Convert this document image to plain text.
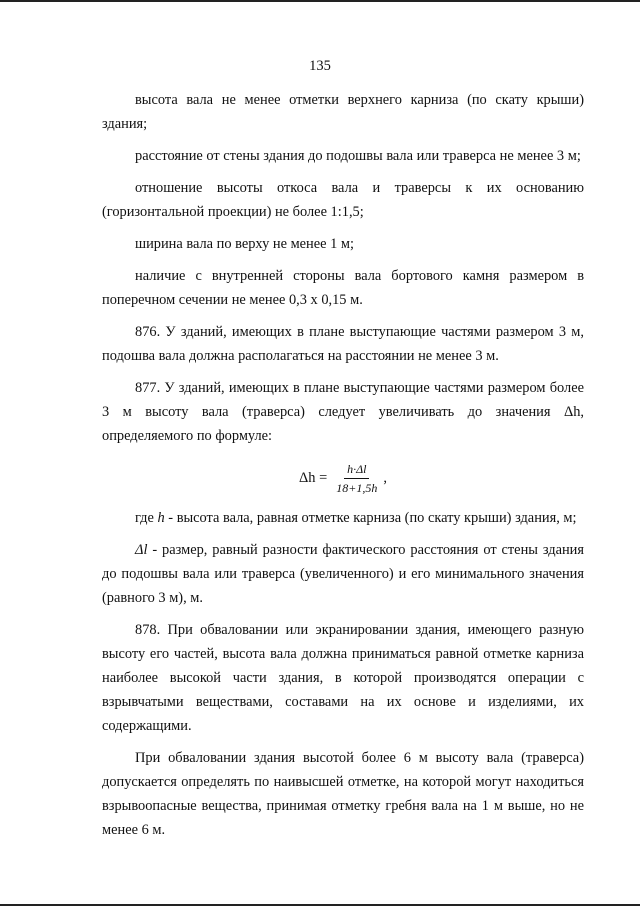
135

высота вала не менее отметки верхнего карниза (по скату крыши) здания;

расстояние от стены здания до подошвы вала или траверса не менее 3 м;

отношение высоты откоса вала и траверсы к их основанию (горизонтальной проекции) не более 1:1,5;

ширина вала по верху не менее 1 м;

наличие с внутренней стороны вала бортового камня размером в поперечном сечении не менее 0,3 х 0,15 м.

876. У зданий, имеющих в плане выступающие частями размером 3 м, подошва вала должна располагаться на расстоянии не менее 3 м.

877. У зданий, имеющих в плане выступающие частями размером более 3 м высоту вала (траверса) следует увеличивать до значения Δh, определяемого по формуле:

$\Delta h = \frac{h\cdot\Delta l}{18+1,5h}$ ,

где h - высота вала, равная отметке карниза (по скату крыши) здания, м;

Δl - размер, равный разности фактического расстояния от стены здания до подошвы вала или траверса (увеличенного) и его минимального значения (равного 3 м), м.

878. При обваловании или экранировании здания, имеющего разную высоту его частей, высота вала должна приниматься равной отметке карниза наиболее высокой части здания, в которой производятся операции с взрывчатыми веществами, составами на их основе и изделиями, их содержащими.

При обваловании здания высотой более 6 м высоту вала (траверса) допускается определять по наивысшей отметке, на которой могут находиться взрывоопасные вещества, принимая отметку гребня вала на 1 м выше, но не менее 6 м.
